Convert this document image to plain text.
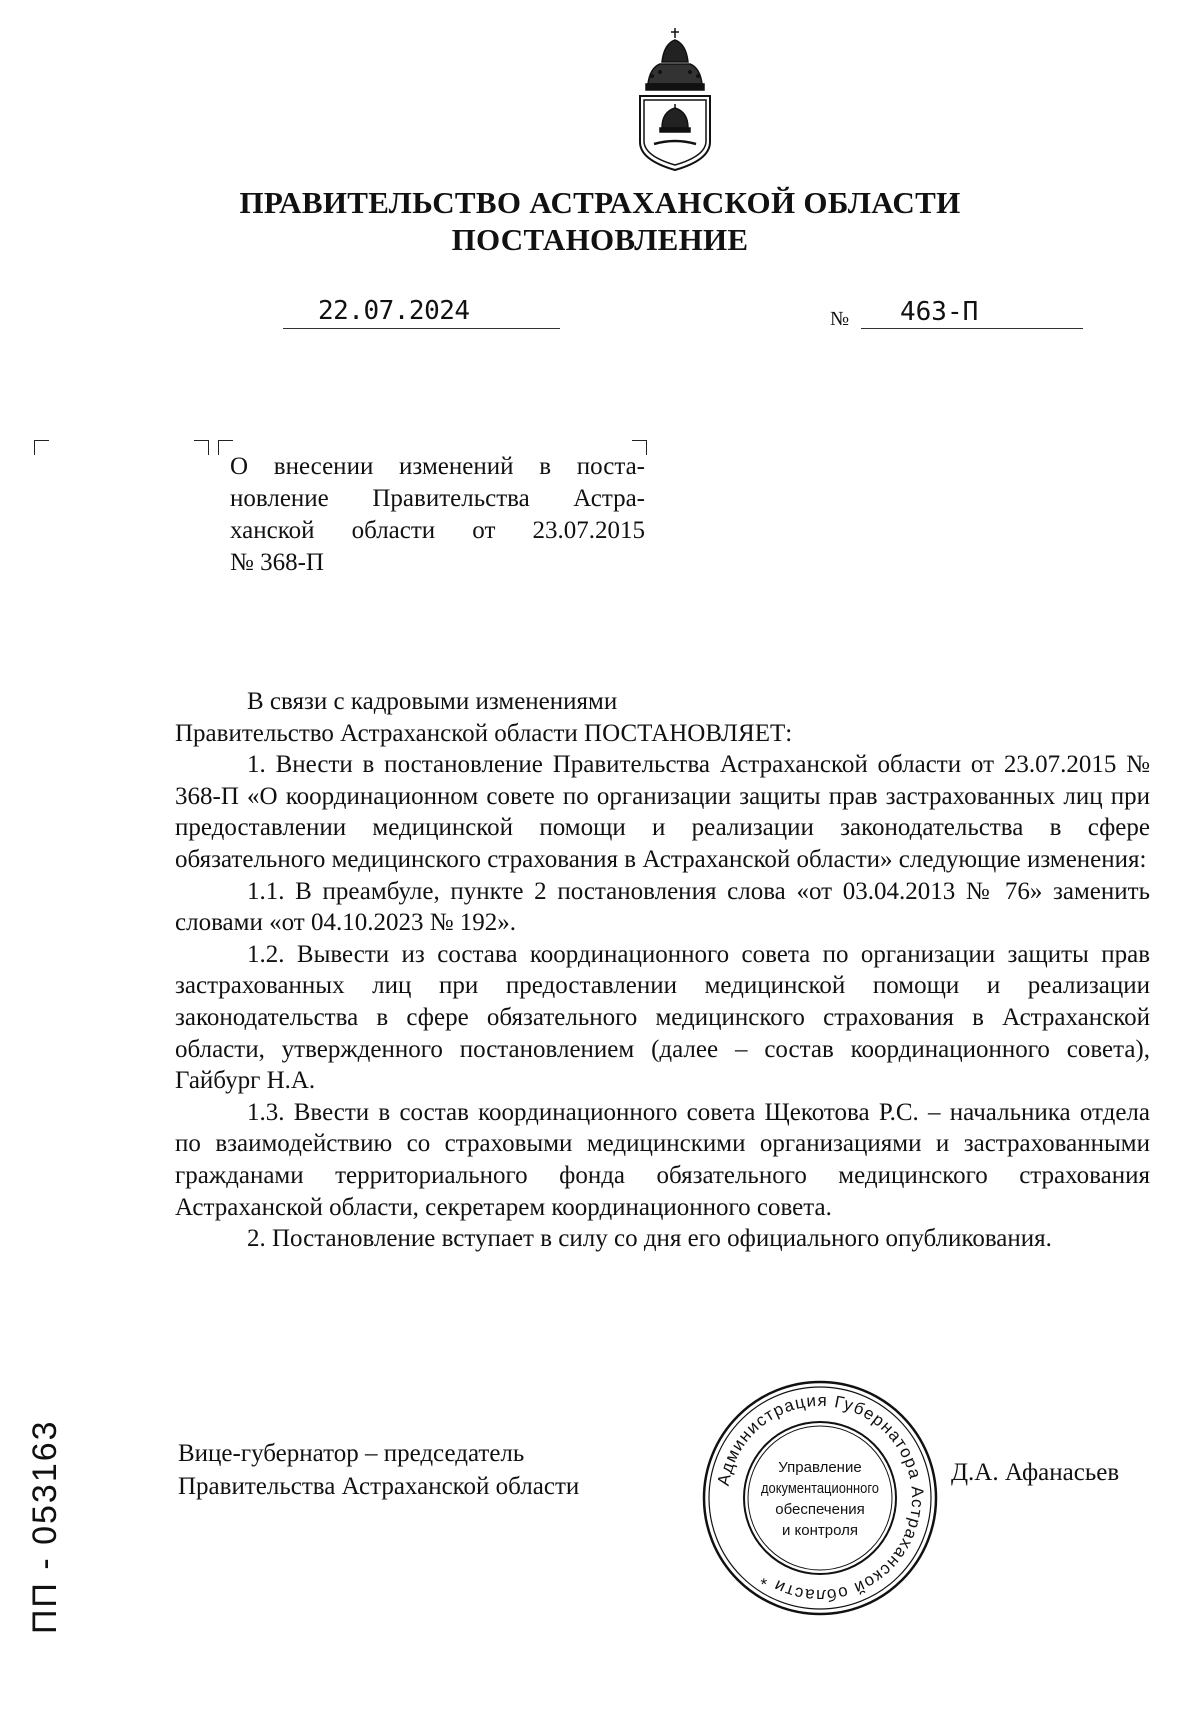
ПРАВИТЕЛЬСТВО АСТРАХАНСКОЙ ОБЛАСТИ
ПОСТАНОВЛЕНИЕ
22.07.2024	№ 463-П

О внесении изменений в поста-

новление Правительства Астра-

ханской области от 23.07.2015

№ 368-П

В связи с кадровыми изменениями

Правительство Астраханской области ПОСТАНОВЛЯЕТ:

1. Внести в постановление Правительства Астраханской области от 23.07.2015 № 368-П «О координационном совете по организации защиты прав застрахованных лиц при предоставлении медицинской помощи и реализации законодательства в сфере обязательного медицинского страхования в Астраханской области» следующие изменения:

1.1. В преамбуле, пункте 2 постановления слова «от 03.04.2013 № 76» заменить словами «от 04.10.2023 № 192».

1.2. Вывести из состава координационного совета по организации защиты прав застрахованных лиц при предоставлении медицинской помощи и реализации законодательства в сфере обязательного медицинского страхования в Астраханской области, утвержденного постановлением (далее – состав координационного совета), Гайбург Н.А.

1.3. Ввести в состав координационного совета Щекотова Р.С. – начальника отдела по взаимодействию со страховыми медицинскими организациями и застрахованными гражданами территориального фонда обязательного медицинского страхования Астраханской области, секретарем координационного совета.

2. Постановление вступает в силу со дня его официального опубликования.

Вице-губернатор – председатель
Правительства Астраханской области
Д.А. Афанасьев
Администрация Губернатора Астраханской области *
Управление
документационного
обеспечения
и контроля
ПП - 053163
